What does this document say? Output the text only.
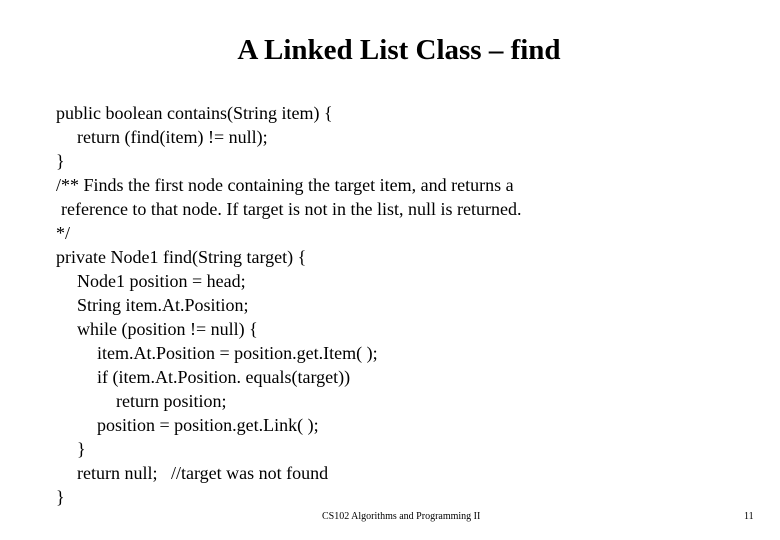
A Linked List Class – find
public boolean contains(String item) {
return (find(item) != null);
}
/** Finds the first node containing the target item, and returns a
reference to that node. If target is not in the list, null is returned.
*/
private Node1 find(String target) {
Node1 position = head;
String item.At.Position;
while (position != null) {
item.At.Position = position.get.Item( );
if (item.At.Position. equals(target))
return position;
position = position.get.Link( );
}
return null;   //target was not found
}
CS102 Algorithms and Programming II	11
